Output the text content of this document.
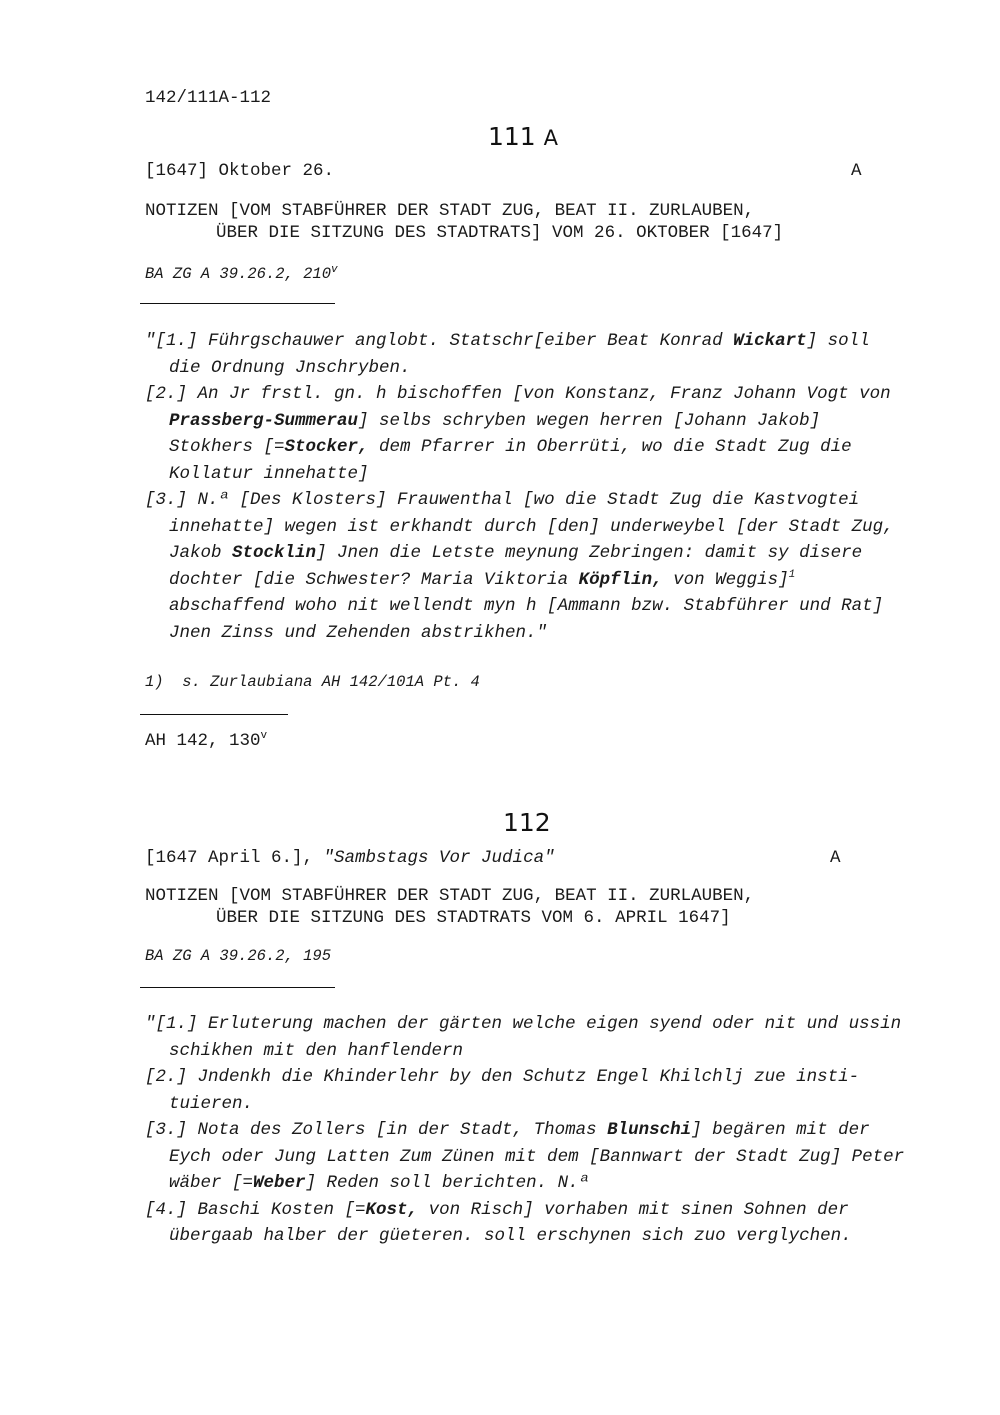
142/111A-112
111 A
[1647] Oktober 26.	A
NOTIZEN [VOM STABFÜHRER DER STADT ZUG, BEAT II. ZURLAUBEN,
ÜBER DIE SITZUNG DES STADTRATS] VOM 26. OKTOBER [1647]
BA ZG A 39.26.2, 210$^v$

"[1.] Führgschauwer anglobt. Statschr[eiber Beat Konrad Wickart] soll die Ordnung Jnschryben.

[2.] An Jr frstl. gn. h bischoffen [von Konstanz, Franz Johann Vogt von Prassberg-Summerau] selbs schryben wegen herren [Johann Jakob] Stokhers [=Stocker, dem Pfarrer in Oberrüti, wo die Stadt Zug die Kollatur innehatte]

[3.] N.ª [Des Klosters] Frauwenthal [wo die Stadt Zug die Kastvogtei innehatte] wegen ist erkhandt durch [den] underweybel [der Stadt Zug, Jakob Stocklin] Jnen die Letste meynung Zebringen: damit sy disere dochter [die Schwester? Maria Viktoria Köpflin, von Weggis]$^1$ abschaffend woho nit wellendt myn h [Ammann bzw. Stabführer und Rat] Jnen Zinss und Zehenden abstrikhen."

1)  s. Zurlaubiana AH 142/101A Pt. 4
AH 142, 130$^v$
112
[1647 April 6.], "Sambstags Vor Judica"	A
NOTIZEN [VOM STABFÜHRER DER STADT ZUG, BEAT II. ZURLAUBEN,
ÜBER DIE SITZUNG DES STADTRATS VOM 6. APRIL 1647]
BA ZG A 39.26.2, 195

"[1.] Erluterung machen der gärten welche eigen syend oder nit und ussin schikhen mit den hanflendern

[2.] Jndenkh die Khinderlehr by den Schutz Engel Khilchlj zue instituieren.

[3.] Nota des Zollers [in der Stadt, Thomas Blunschi] begären mit der Eych oder Jung Latten Zum Zünen mit dem [Bannwart der Stadt Zug] Peter wäber [=Weber] Reden soll berichten. N.ª

[4.] Baschi Kosten [=Kost, von Risch] vorhaben mit sinen Sohnen der übergaab halber der güeteren. soll erschynen sich zuo verglychen.
